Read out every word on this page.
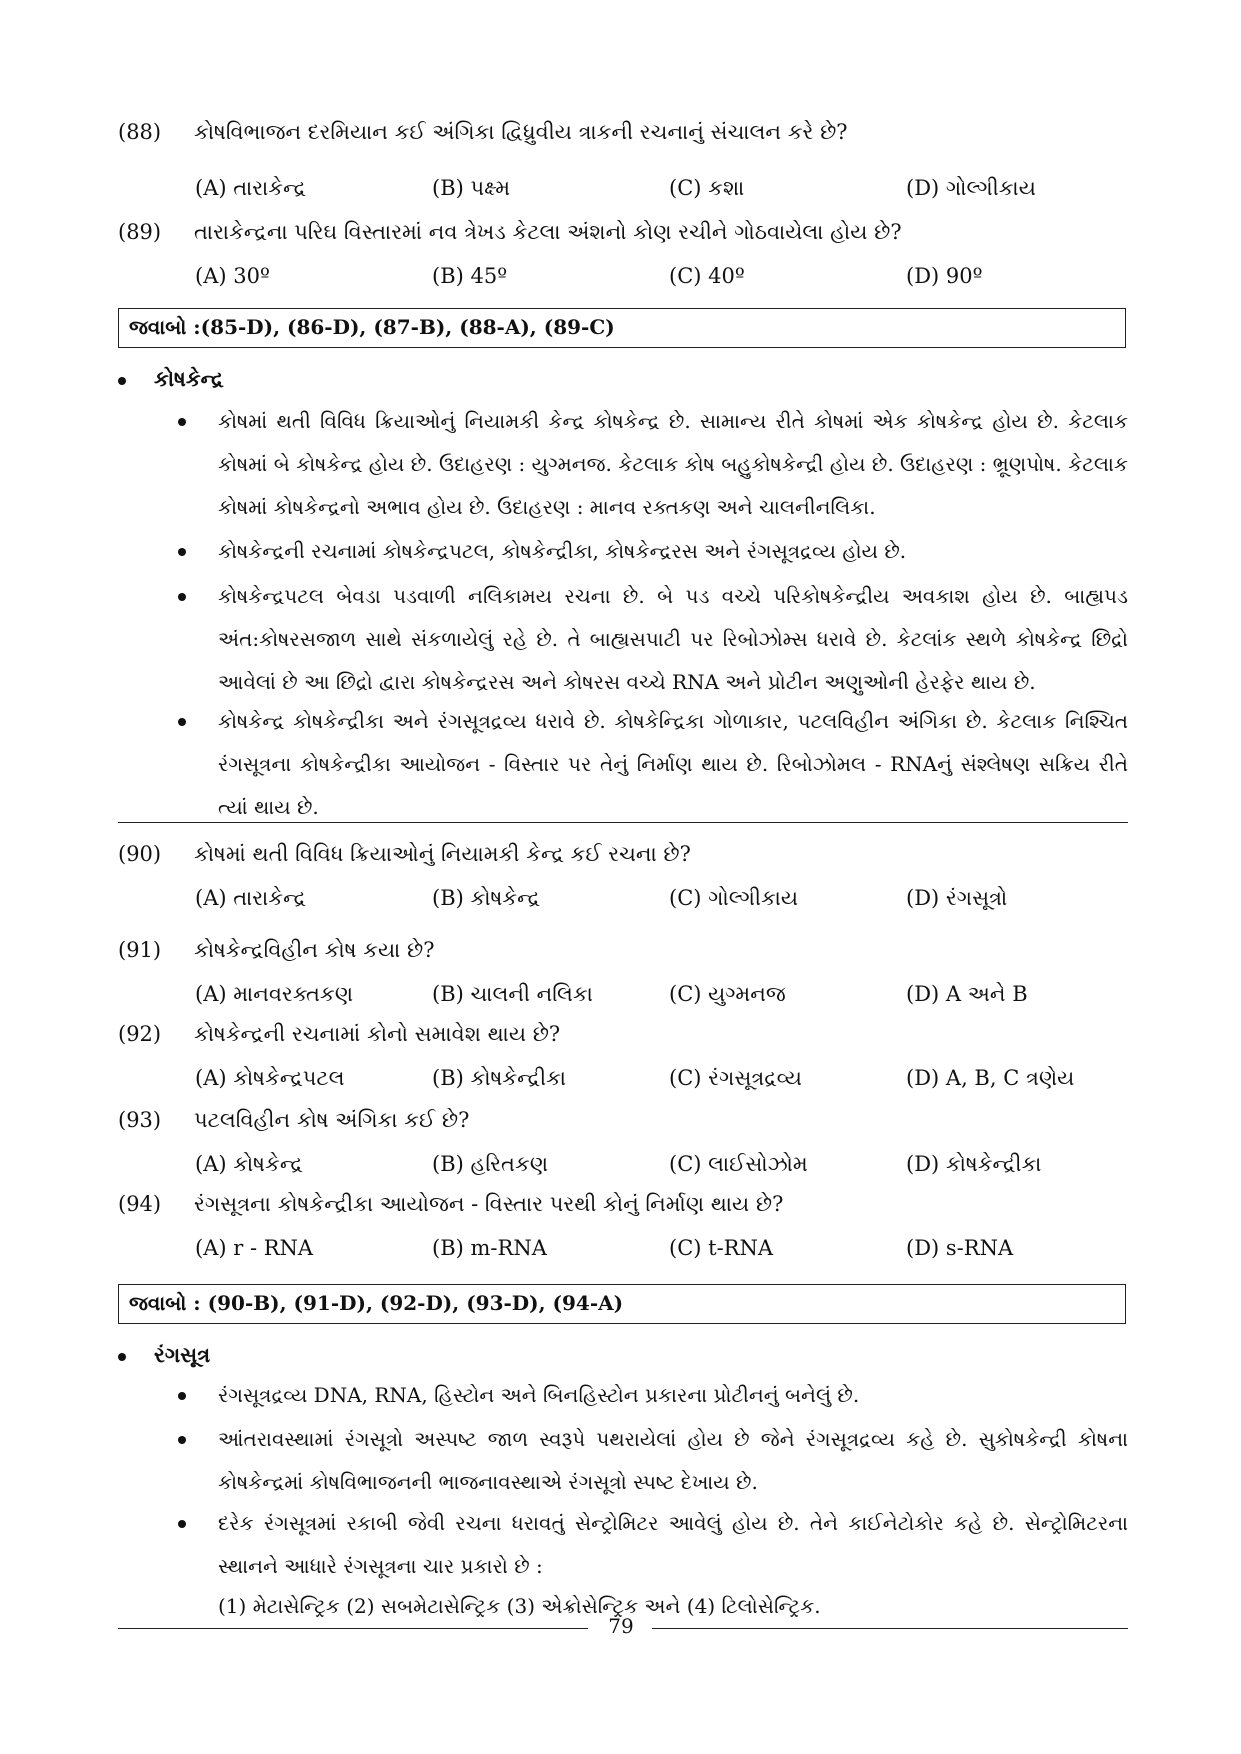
(88)	કોષવિભાજન દરમિયાન કઈ અંગિકા દ્વિધ્રુવીય ત્રાકની રચનાનું સંચાલન કરે છે?
(A) તારાકેન્દ્ર	(B) પક્ષ્મ	(C) કશા	(D) ગોલ્ગીકાય
(89)	તારાકેન્દ્રના પરિઘ વિસ્તારમાં નવ ત્રેખડ કેટલા અંશનો કોણ રચીને ગોઠવાયેલા હોય છે?
(A) 30º	(B) 45º	(C) 40º	(D) 90º
જવાબો :(85-D), (86-D), (87-B), (88-A), (89-C)
કોષકેન્દ્ર
કોષમાં થતી વિવિધ ક્રિયાઓનું નિયામકી કેન્દ્ર કોષકેન્દ્ર છે. સામાન્ય રીતે કોષમાં એક કોષકેન્દ્ર હોય છે. કેટલાક કોષમાં બે કોષકેન્દ્ર હોય છે. ઉદાહરણ : યુગ્મનજ. કેટલાક કોષ બહુકોષકેન્દ્રી હોય છે. ઉદાહરણ : ભ્રૂણપોષ. કેટલાક કોષમાં કોષકેન્દ્રનો અભાવ હોય છે. ઉદાહરણ : માનવ રક્તકણ અને ચાલનીનલિકા.
કોષકેન્દ્રની રચનામાં કોષકેન્દ્રપટલ, કોષકેન્દ્રીકા, કોષકેન્દ્રરસ અને રંગસૂત્રદ્રવ્ય હોય છે.
કોષકેન્દ્રપટલ બેવડા પડવાળી નલિકામય રચના છે. બે પડ વચ્ચે પરિકોષકેન્દ્રીય અવકાશ હોય છે. બાહ્યપડ અંત:કોષરસજાળ સાથે સંકળાયેલું રહે છે. તે બાહ્યસપાટી પર રિબોઝોમ્સ ધરાવે છે. કેટલાંક સ્થળે કોષકેન્દ્ર છિદ્રો આવેલાં છે આ છિદ્રો દ્વારા કોષકેન્દ્રરસ અને કોષરસ વચ્ચે RNA અને પ્રોટીન અણુઓની હેરફેર થાય છે.
કોષકેન્દ્ર કોષકેન્દ્રીકા અને રંગસૂત્રદ્રવ્ય ધરાવે છે. કોષકેન્દ્રિકા ગોળાકાર, પટલવિહીન અંગિકા છે. કેટલાક નિશ્ચિત રંગસૂત્રના કોષકેન્દ્રીકા આયોજન - વિસ્તાર પર તેનું નિર્માણ થાય છે. રિબોઝોમલ - RNAનું સંશ્લેષણ સક્રિય રીતે ત્યાં થાય છે.
(90)	કોષમાં થતી વિવિધ ક્રિયાઓનું નિયામકી કેન્દ્ર કઈ રચના છે?
(A) તારાકેન્દ્ર	(B) કોષકેન્દ્ર	(C) ગોલ્ગીકાય	(D) રંગસૂત્રો
(91)	કોષકેન્દ્રવિહીન કોષ કયા છે?
(A) માનવરક્તકણ	(B) ચાલની નલિકા	(C) યુગ્મનજ	(D) A અને B
(92)	કોષકેન્દ્રની રચનામાં કોનો સમાવેશ થાય છે?
(A) કોષકેન્દ્રપટલ	(B) કોષકેન્દ્રીકા	(C) રંગસૂત્રદ્રવ્ય	(D) A, B, C ત્રણેય
(93)	પટલવિહીન કોષ અંગિકા કઈ છે?
(A) કોષકેન્દ્ર	(B) હરિતકણ	(C) લાઈસોઝોમ	(D) કોષકેન્દ્રીકા
(94)	રંગસૂત્રના કોષકેન્દ્રીકા આયોજન - વિસ્તાર પરથી કોનું નિર્માણ થાય છે?
(A) r - RNA	(B) m-RNA	(C) t-RNA	(D) s-RNA
જવાબો : (90-B), (91-D), (92-D), (93-D), (94-A)
રંગસૂત્ર
રંગસૂત્રદ્રવ્ય DNA, RNA, હિસ્ટોન અને બિનહિસ્ટોન પ્રકારના પ્રોટીનનું બનેલું છે.
આંતરાવસ્થામાં રંગસૂત્રો અસ્પષ્ટ જાળ સ્વરૂપે પથરાયેલાં હોય છે જેને રંગસૂત્રદ્રવ્ય કહે છે. સુકોષકેન્દ્રી કોષના કોષકેન્દ્રમાં કોષવિભાજનની ભાજનાવસ્થાએ રંગસૂત્રો સ્પષ્ટ દેખાય છે.
દરેક રંગસૂત્રમાં રકાબી જેવી રચના ધરાવતું સેન્ટ્રોમિટર આવેલું હોય છે. તેને કાઈનેટોકોર કહે છે. સેન્ટ્રોમિટરના સ્થાનને આધારે રંગસૂત્રના ચાર પ્રકારો છે :
(1) મેટાસેન્ટ્રિક (2) સબમેટાસેન્ટ્રિક (3) એક્રોસેન્ટ્રિક અને (4) ટિલોસેન્ટ્રિક.
79
